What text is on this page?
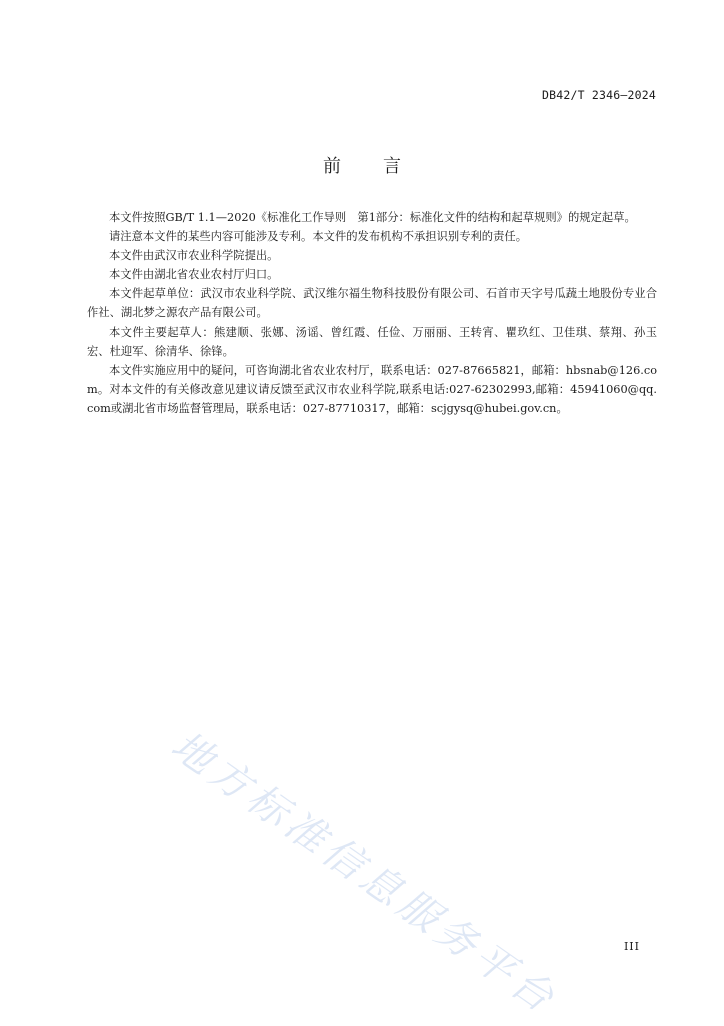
DB42/T 2346—2024
前言

本文件按照GB/T 1.1—2020《标准化工作导则　第1部分：标准化文件的结构和起草规则》的规定起草。

请注意本文件的某些内容可能涉及专利。本文件的发布机构不承担识别专利的责任。

本文件由武汉市农业科学院提出。

本文件由湖北省农业农村厅归口。

本文件起草单位：武汉市农业科学院、武汉维尔福生物科技股份有限公司、石首市天字号瓜蔬土地股份专业合作社、湖北梦之源农产品有限公司。

本文件主要起草人：熊建顺、张娜、汤谣、曾红霞、任俭、万丽丽、王转宵、瞿玖红、卫佳琪、蔡翔、孙玉宏、杜迎军、徐清华、徐锋。

本文件实施应用中的疑问，可咨询湖北省农业农村厅，联系电话：027-87665821，邮箱：hbsnab@126.com。对本文件的有关修改意见建议请反馈至武汉市农业科学院,联系电话:027-62302993,邮箱：45941060@qq.com或湖北省市场监督管理局，联系电话：027-87710317，邮箱：scjgysq@hubei.gov.cn。

地方标准信息服务平台	III
